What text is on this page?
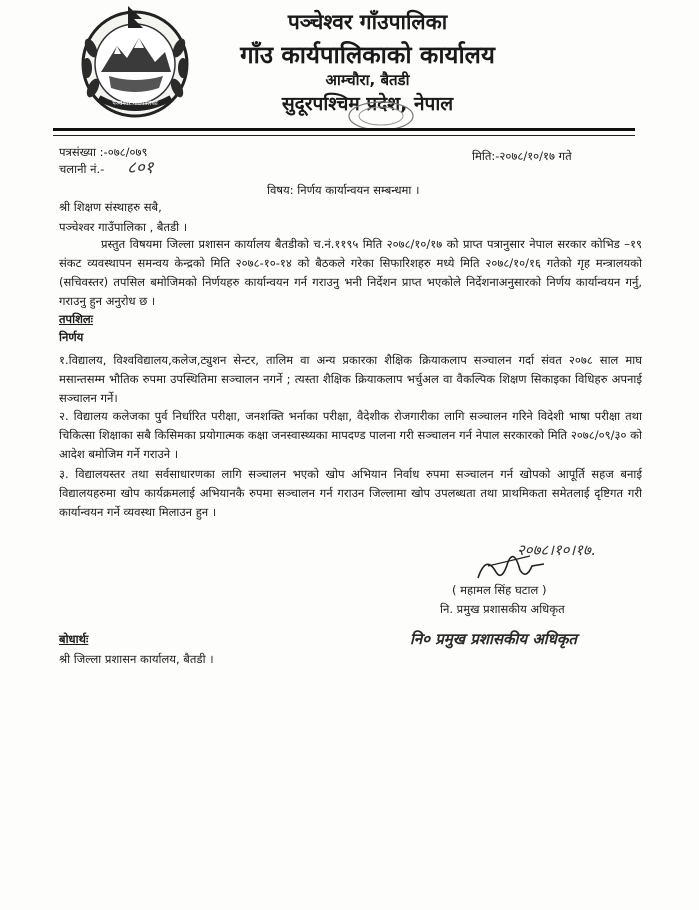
पञ्चेश्वर गाउँपालिका
पञ्चेश्वर गाँउपालिका
गाँउ कार्यपालिकाको कार्यालय
आम्चौरा, बैतडी
सुदूरपश्चिम प्रदेश, नेपाल
पत्रसंख्या :-०७८/०७९
चलानी नं.- ८०१
मिति:-२०७८/१०/१७ गते
विषय: निर्णय कार्यान्वयन सम्बन्धमा ।
श्री शिक्षण संस्थाहरु सबै,
पञ्चेश्वर गाउँपालिका , बैतडी ।
प्रस्तुत विषयमा जिल्ला प्रशासन कार्यालय बैतडीको च.नं.११९५ मिति २०७८/१०/१७ को प्राप्त पत्रानुसार नेपाल सरकार कोभिड –१९ संकट व्यवस्थापन समन्वय केन्द्रको मिति २०७८-१०-१४ को बैठकले गरेका सिफारिशहरु मध्ये मिति २०७८/१०/१६ गतेको गृह मन्त्रालयको (सचिवस्तर) तपसिल बमोजिमको निर्णयहरु कार्यान्वयन गर्न गराउनु भनी निर्देशन प्राप्त भएकोले निर्देशनाअनुसारको निर्णय कार्यान्वयन गर्नु, गराउनु हुन अनुरोध छ ।
तपशिलः
निर्णय
१.विद्यालय, विश्वविद्यालय,कलेज,ट्युशन सेन्टर, तालिम वा अन्य प्रकारका शैक्षिक क्रियाकलाप सञ्चालन गर्दा संवत २०७८ साल माघ मसान्तसम्म भौतिक रुपमा उपस्थितिमा सञ्चालन नगर्ने ; त्यस्ता शैक्षिक क्रियाकलाप भर्चुअल वा वैकल्पिक शिक्षण सिकाइका विधिहरु अपनाई सञ्चालन गर्ने।
२. विद्यालय कलेजका पुर्व निर्धारित परीक्षा, जनशक्ति भर्नाका परीक्षा, वैदेशीक रोजगारीका लागि सञ्चालन गरिने विदेशी भाषा परीक्षा तथा चिकित्सा शिक्षाका सबै किसिमका प्रयोगात्मक कक्षा जनस्वास्थ्यका मापदण्ड पालना गरी सञ्चालन गर्न नेपाल सरकारको मिति २०७८/०९/३० को आदेश बमोजिम गर्ने गराउने ।
३. विद्यालयस्तर तथा सर्वसाधारणका लागि सञ्चालन भएको खोप अभियान निर्वाध रुपमा सञ्चालन गर्न खोपको आपूर्ति सहज बनाई विद्यालयहरुमा खोप कार्यक्रमलाई अभियानकै रुपमा सञ्चालन गर्न गराउन जिल्लामा खोप उपलब्धता तथा प्राथमिकता समेतलाई दृष्टिगत गरी कार्यान्वयन गर्ने व्यवस्था मिलाउन हुन ।
२०७८।१०।१७.
( महामल सिंह घटाल )
नि. प्रमुख प्रशासकीय अधिकृत
बोधार्थः
श्री जिल्ला प्रशासन कार्यालय, बैतडी ।
नि० प्रमुख प्रशासकीय अधिकृत
